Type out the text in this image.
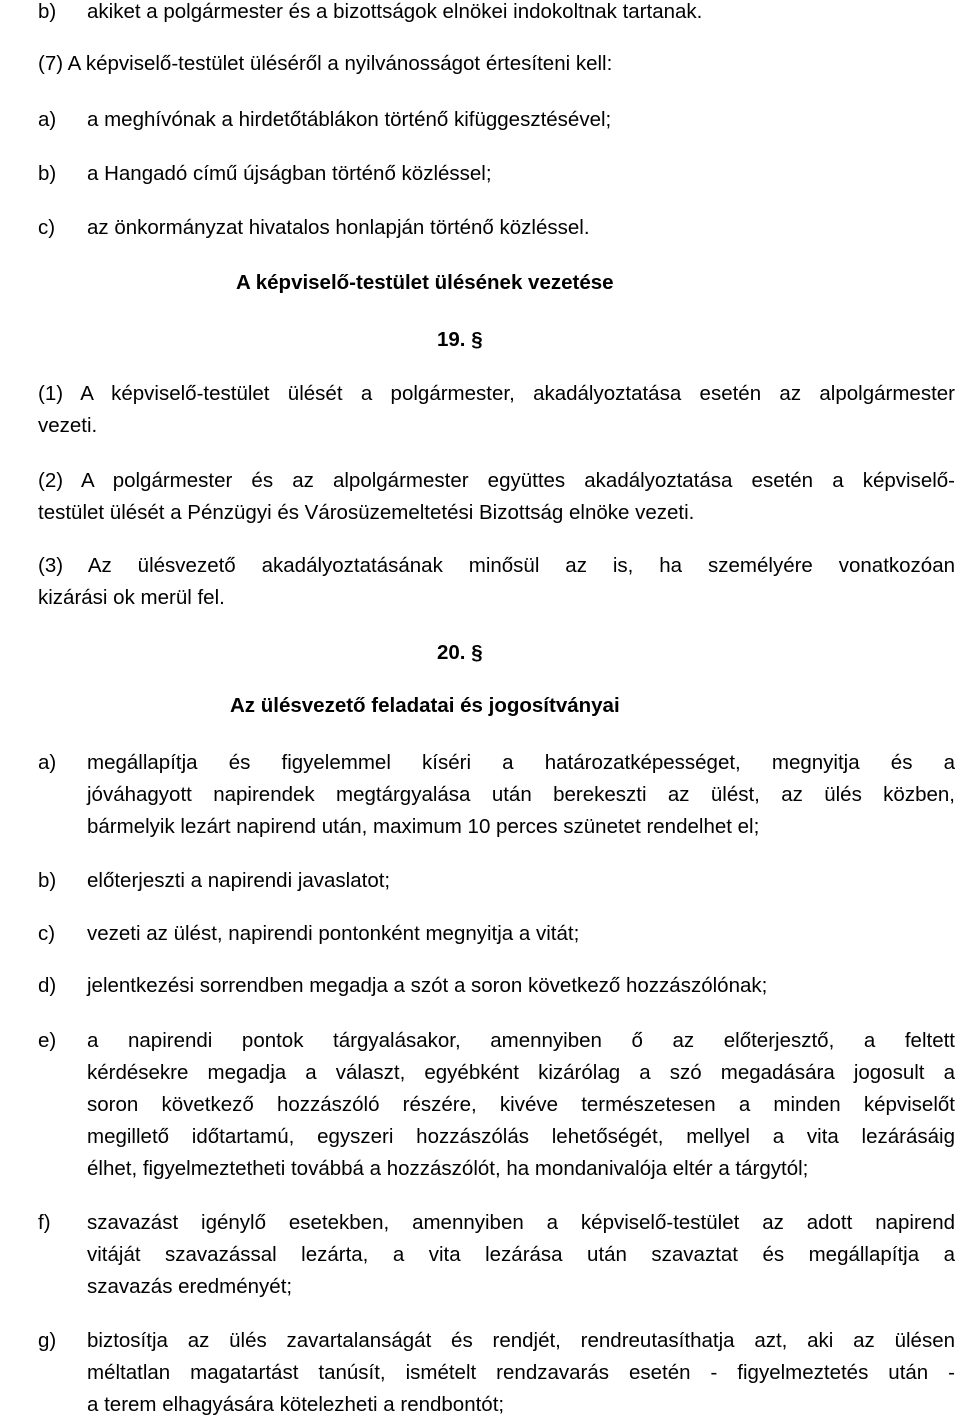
b) akiket a polgármester és a bizottságok elnökei indokoltnak tartanak.
(7) A képviselő-testület üléséről a nyilvánosságot értesíteni kell:
a) a meghívónak a hirdetőtáblákon történő kifüggesztésével;
b) a Hangadó című újságban történő közléssel;
c) az önkormányzat hivatalos honlapján történő közléssel.
A képviselő-testület ülésének vezetése
19. §
(1) A képviselő-testület ülését a polgármester, akadályoztatása esetén az alpolgármester
vezeti.
(2) A polgármester és az alpolgármester együttes akadályoztatása esetén a képviselő-
testület ülését a Pénzügyi és Városüzemeltetési Bizottság elnöke vezeti.
(3) Az ülésvezető akadályoztatásának minősül az is, ha személyére vonatkozóan
kizárási ok merül fel.
20. §
Az ülésvezető feladatai és jogosítványai
a) megállapítja és figyelemmel kíséri a határozatképességet, megnyitja és a
jóváhagyott napirendek megtárgyalása után berekeszti az ülést, az ülés közben,
bármelyik lezárt napirend után, maximum 10 perces szünetet rendelhet el;
b) előterjeszti a napirendi javaslatot;
c) vezeti az ülést, napirendi pontonként megnyitja a vitát;
d) jelentkezési sorrendben megadja a szót a soron következő hozzászólónak;
e) a napirendi pontok tárgyalásakor, amennyiben ő az előterjesztő, a feltett
kérdésekre megadja a választ, egyébként kizárólag a szó megadására jogosult a
soron következő hozzászóló részére, kivéve természetesen a minden képviselőt
megillető időtartamú, egyszeri hozzászólás lehetőségét, mellyel a vita lezárásáig
élhet, figyelmeztetheti továbbá a hozzászólót, ha mondanivalója eltér a tárgytól;
f) szavazást igénylő esetekben, amennyiben a képviselő-testület az adott napirend
vitáját szavazással lezárta, a vita lezárása után szavaztat és megállapítja a
szavazás eredményét;
g) biztosítja az ülés zavartalanságát és rendjét, rendreutasíthatja azt, aki az ülésen
méltatlan magatartást tanúsít, ismételt rendzavarás esetén - figyelmeztetés után -
a terem elhagyására kötelezheti a rendbontót;
